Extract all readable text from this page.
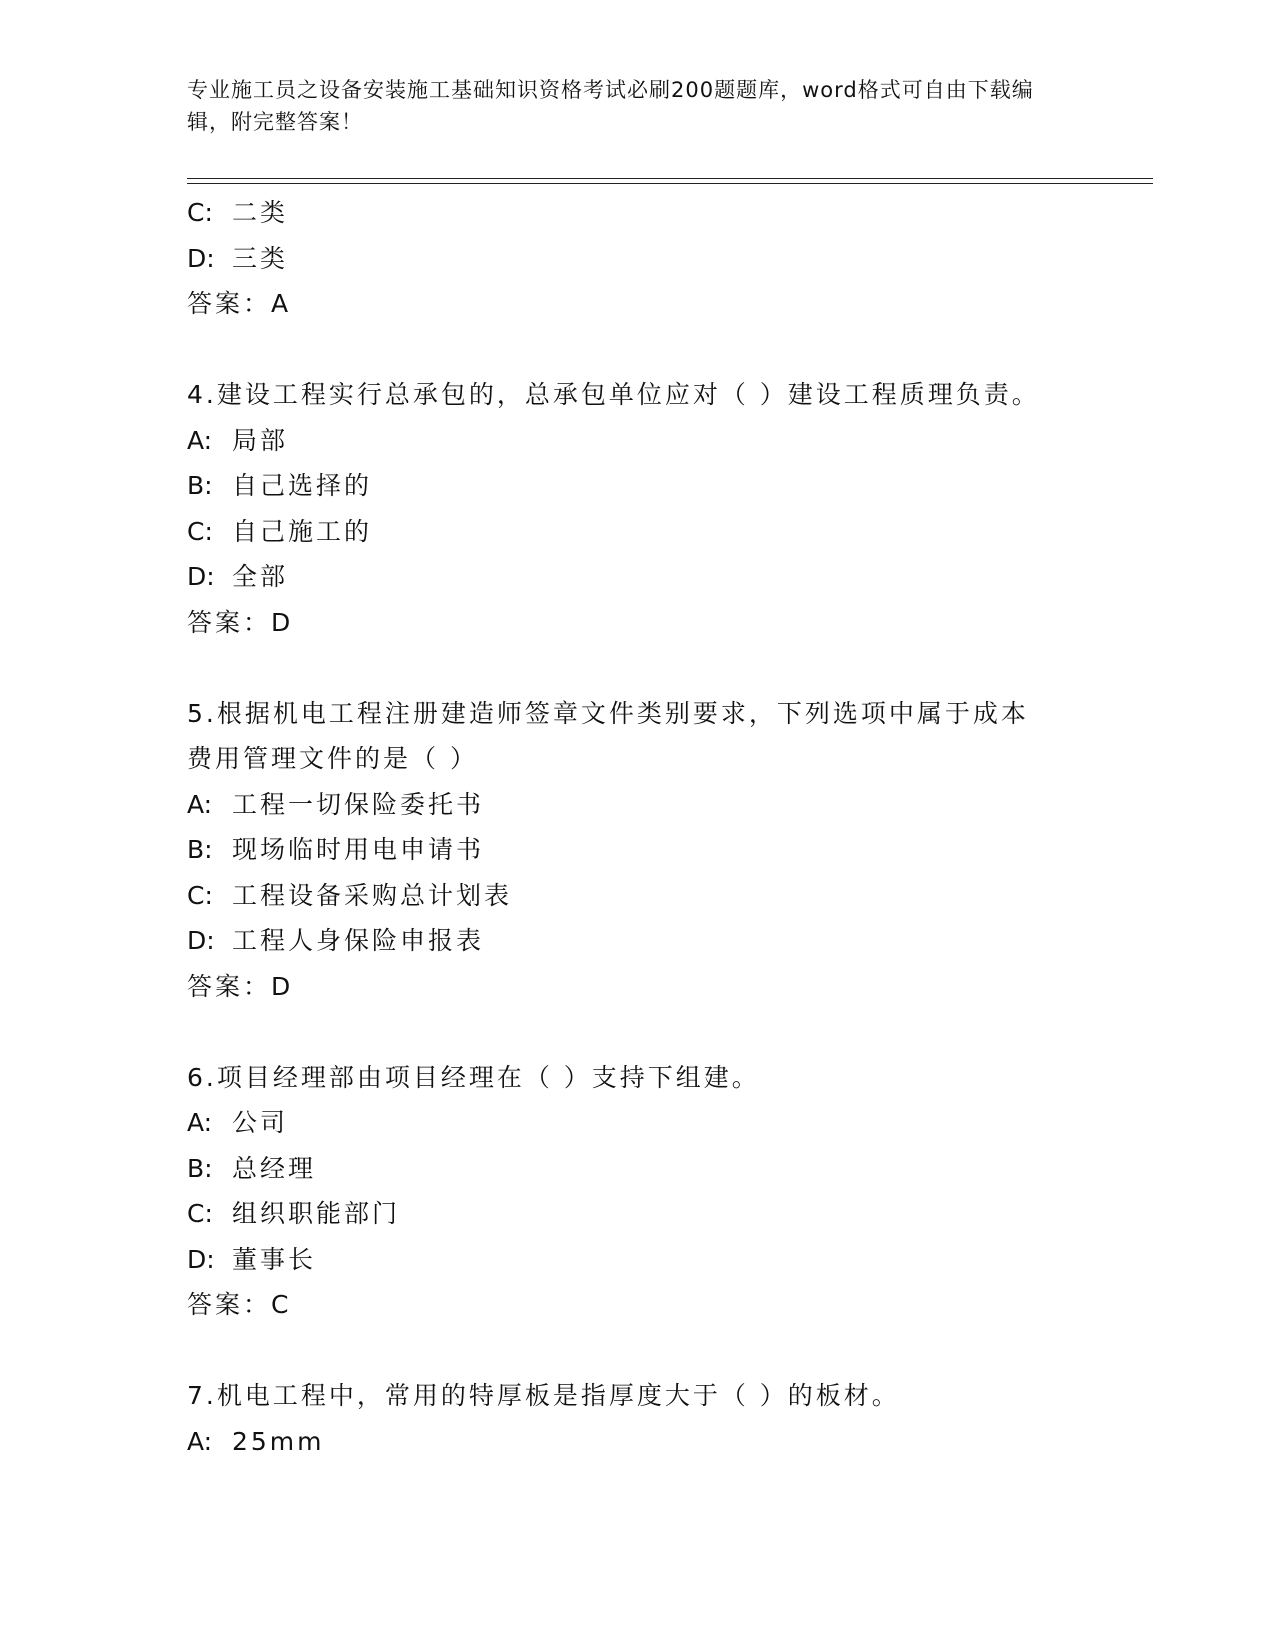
专业施工员之设备安装施工基础知识资格考试必刷200题题库，word格式可自由下载编辑，附完整答案！
C: 二类
D: 三类
答案：A
4.建设工程实行总承包的，总承包单位应对（ ）建设工程质理负责。
A: 局部
B: 自己选择的
C: 自己施工的
D: 全部
答案：D
5.根据机电工程注册建造师签章文件类别要求，下列选项中属于成本
费用管理文件的是（ ）
A: 工程一切保险委托书
B: 现场临时用电申请书
C: 工程设备采购总计划表
D: 工程人身保险申报表
答案：D
6.项目经理部由项目经理在（ ）支持下组建。
A: 公司
B: 总经理
C: 组织职能部门
D: 董事长
答案：C
7.机电工程中，常用的特厚板是指厚度大于（ ）的板材。
A: 25mm
